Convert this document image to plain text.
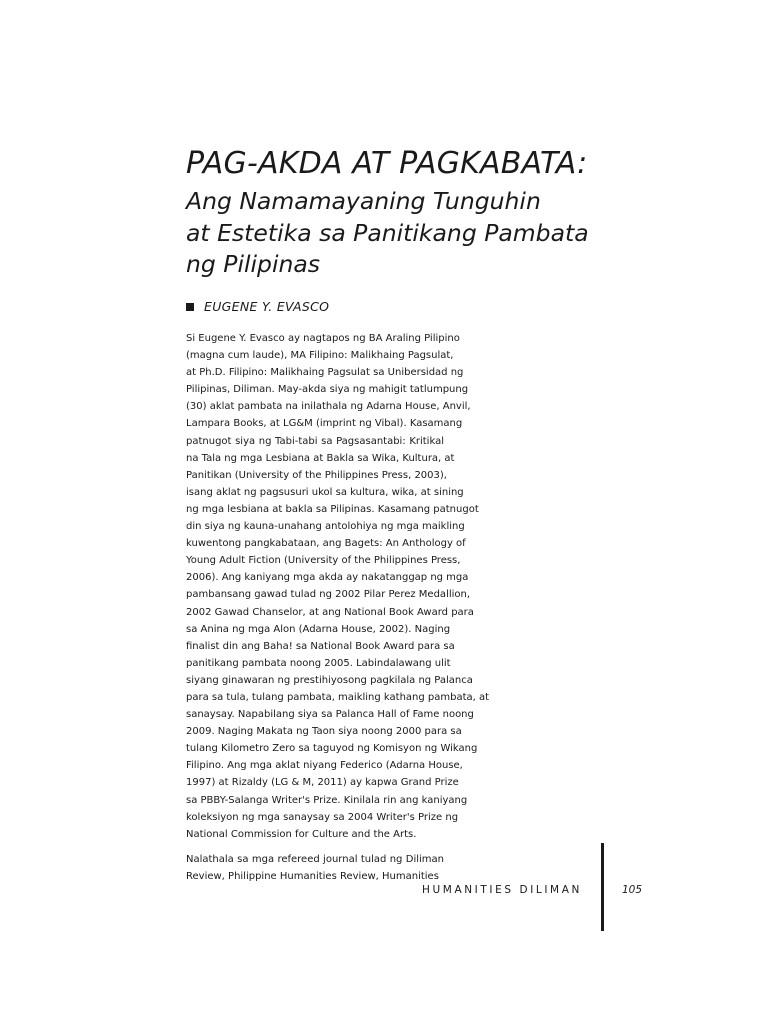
PAG-AKDA AT PAGKABATA:
Ang Namamayaning Tunguhin
at Estetika sa Panitikang Pambata
ng Pilipinas
EUGENE Y. EVASCO
Si Eugene Y. Evasco ay nagtapos ng BA Araling Pilipino
(magna cum laude), MA Filipino: Malikhaing Pagsulat,
at Ph.D. Filipino: Malikhaing Pagsulat sa Unibersidad ng
Pilipinas, Diliman. May-akda siya ng mahigit tatlumpung
(30) aklat pambata na inilathala ng Adarna House, Anvil,
Lampara Books, at LG&M (imprint ng Vibal). Kasamang
patnugot siya ng Tabi-tabi sa Pagsasantabi: Kritikal
na Tala ng mga Lesbiana at Bakla sa Wika, Kultura, at
Panitikan (University of the Philippines Press, 2003),
isang aklat ng pagsusuri ukol sa kultura, wika, at sining
ng mga lesbiana at bakla sa Pilipinas. Kasamang patnugot
din siya ng kauna-unahang antolohiya ng mga maikling
kuwentong pangkabataan, ang Bagets: An Anthology of
Young Adult Fiction (University of the Philippines Press,
2006). Ang kaniyang mga akda ay nakatanggap ng mga
pambansang gawad tulad ng 2002 Pilar Perez Medallion,
2002 Gawad Chanselor, at ang National Book Award para
sa Anina ng mga Alon (Adarna House, 2002). Naging
finalist din ang Baha! sa National Book Award para sa
panitikang pambata noong 2005. Labindalawang ulit
siyang ginawaran ng prestihiyosong pagkilala ng Palanca
para sa tula, tulang pambata, maikling kathang pambata, at
sanaysay. Napabilang siya sa Palanca Hall of Fame noong
2009. Naging Makata ng Taon siya noong 2000 para sa
tulang Kilometro Zero sa taguyod ng Komisyon ng Wikang
Filipino. Ang mga aklat niyang Federico (Adarna House,
1997) at Rizaldy (LG & M, 2011) ay kapwa Grand Prize
sa PBBY-Salanga Writer's Prize. Kinilala rin ang kaniyang
koleksiyon ng mga sanaysay sa 2004 Writer's Prize ng
National Commission for Culture and the Arts.
Nalathala sa mga refereed journal tulad ng Diliman
Review, Philippine Humanities Review, Humanities
HUMANITIES DILIMAN	105
